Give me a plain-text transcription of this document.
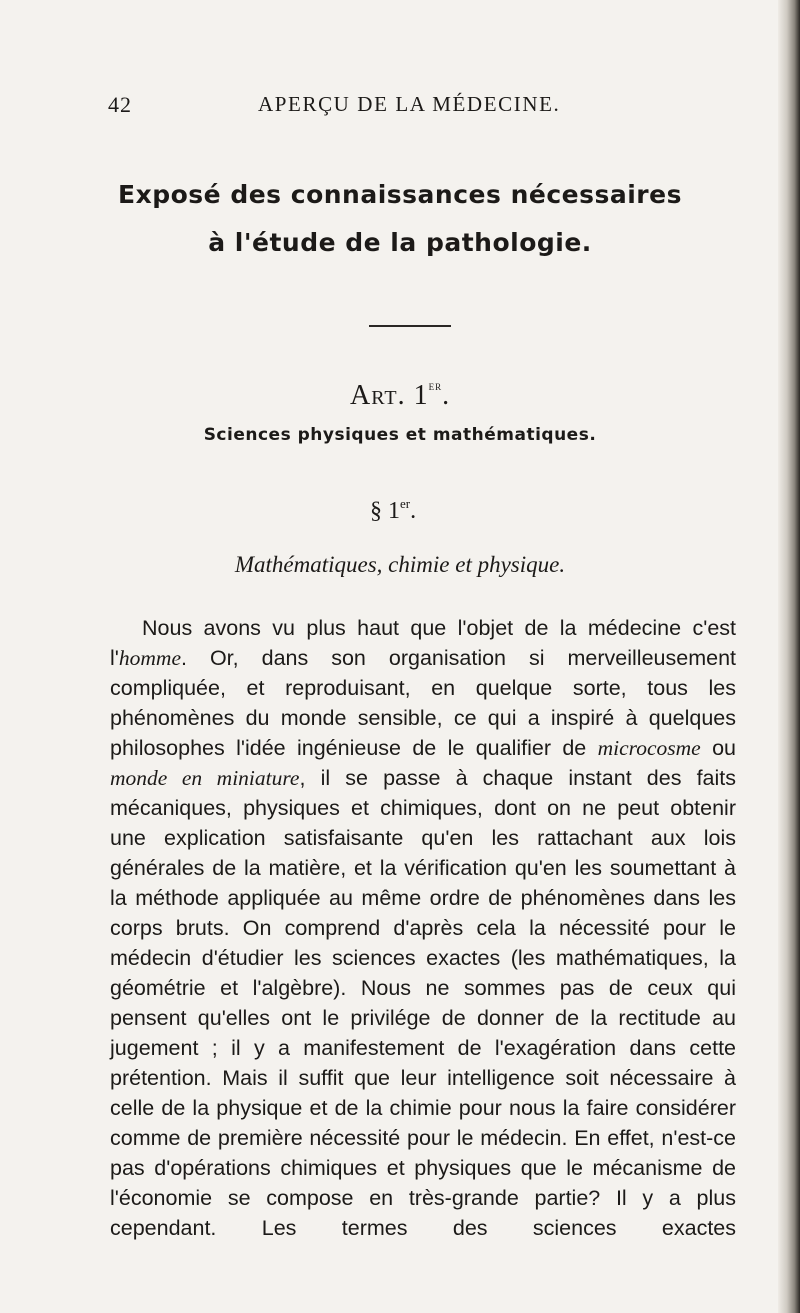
42	APERÇU DE LA MÉDECINE.
Exposé des connaissances nécessaires
à l'étude de la pathologie.
Art. 1er.
Sciences physiques et mathématiques.
§ 1er.
Mathématiques, chimie et physique.

Nous avons vu plus haut que l'objet de la médecine c'est l'homme. Or, dans son organisation si merveilleusement compliquée, et reproduisant, en quelque sorte, tous les phénomènes du monde sensible, ce qui a inspiré à quelques philosophes l'idée ingénieuse de le qualifier de microcosme ou monde en miniature, il se passe à chaque instant des faits mécaniques, physiques et chimiques, dont on ne peut obtenir une explication satisfaisante qu'en les rattachant aux lois générales de la matière, et la vérification qu'en les soumettant à la méthode appliquée au même ordre de phénomènes dans les corps bruts. On comprend d'après cela la nécessité pour le médecin d'étudier les sciences exactes (les mathématiques, la géométrie et l'algèbre). Nous ne sommes pas de ceux qui pensent qu'elles ont le privilége de donner de la rectitude au jugement ; il y a manifestement de l'exagération dans cette prétention. Mais il suffit que leur intelligence soit nécessaire à celle de la physique et de la chimie pour nous la faire considérer comme de première nécessité pour le médecin. En effet, n'est-ce pas d'opérations chimiques et physiques que le mécanisme de l'économie se compose en très-grande partie? Il y a plus cependant. Les termes des sciences exactes
